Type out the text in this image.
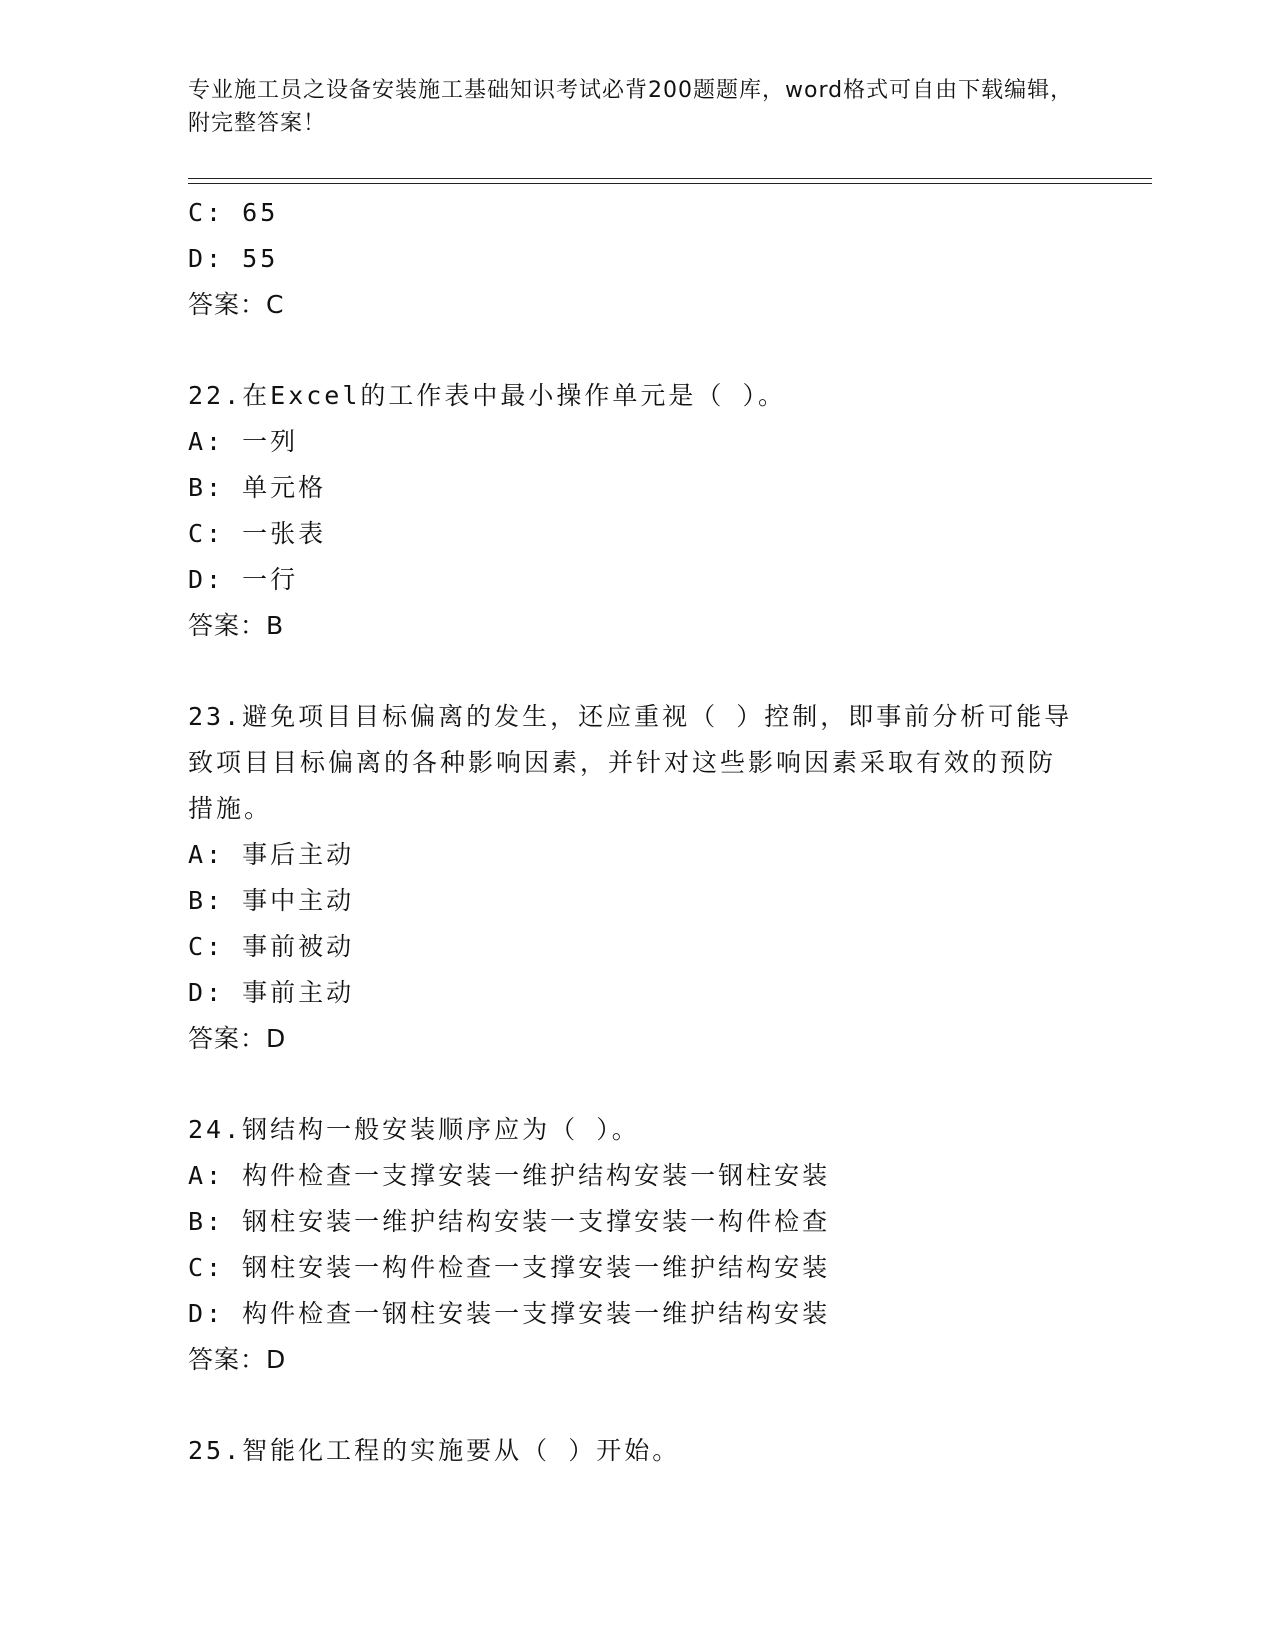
专业施工员之设备安装施工基础知识考试必背200题题库，word格式可自由下载编辑，附完整答案！
C: 65
D: 55
答案：C
22.在Excel的工作表中最小操作单元是（ ）。
A: 一列
B: 单元格
C: 一张表
D: 一行
答案：B
23.避免项目目标偏离的发生，还应重视（ ）控制，即事前分析可能导致项目目标偏离的各种影响因素，并针对这些影响因素采取有效的预防措施。
A: 事后主动
B: 事中主动
C: 事前被动
D: 事前主动
答案：D
24.钢结构一般安装顺序应为（ ）。
A: 构件检查一支撑安装一维护结构安装一钢柱安装
B: 钢柱安装一维护结构安装一支撑安装一构件检查
C: 钢柱安装一构件检查一支撑安装一维护结构安装
D: 构件检查一钢柱安装一支撑安装一维护结构安装
答案：D
25.智能化工程的实施要从（ ）开始。
